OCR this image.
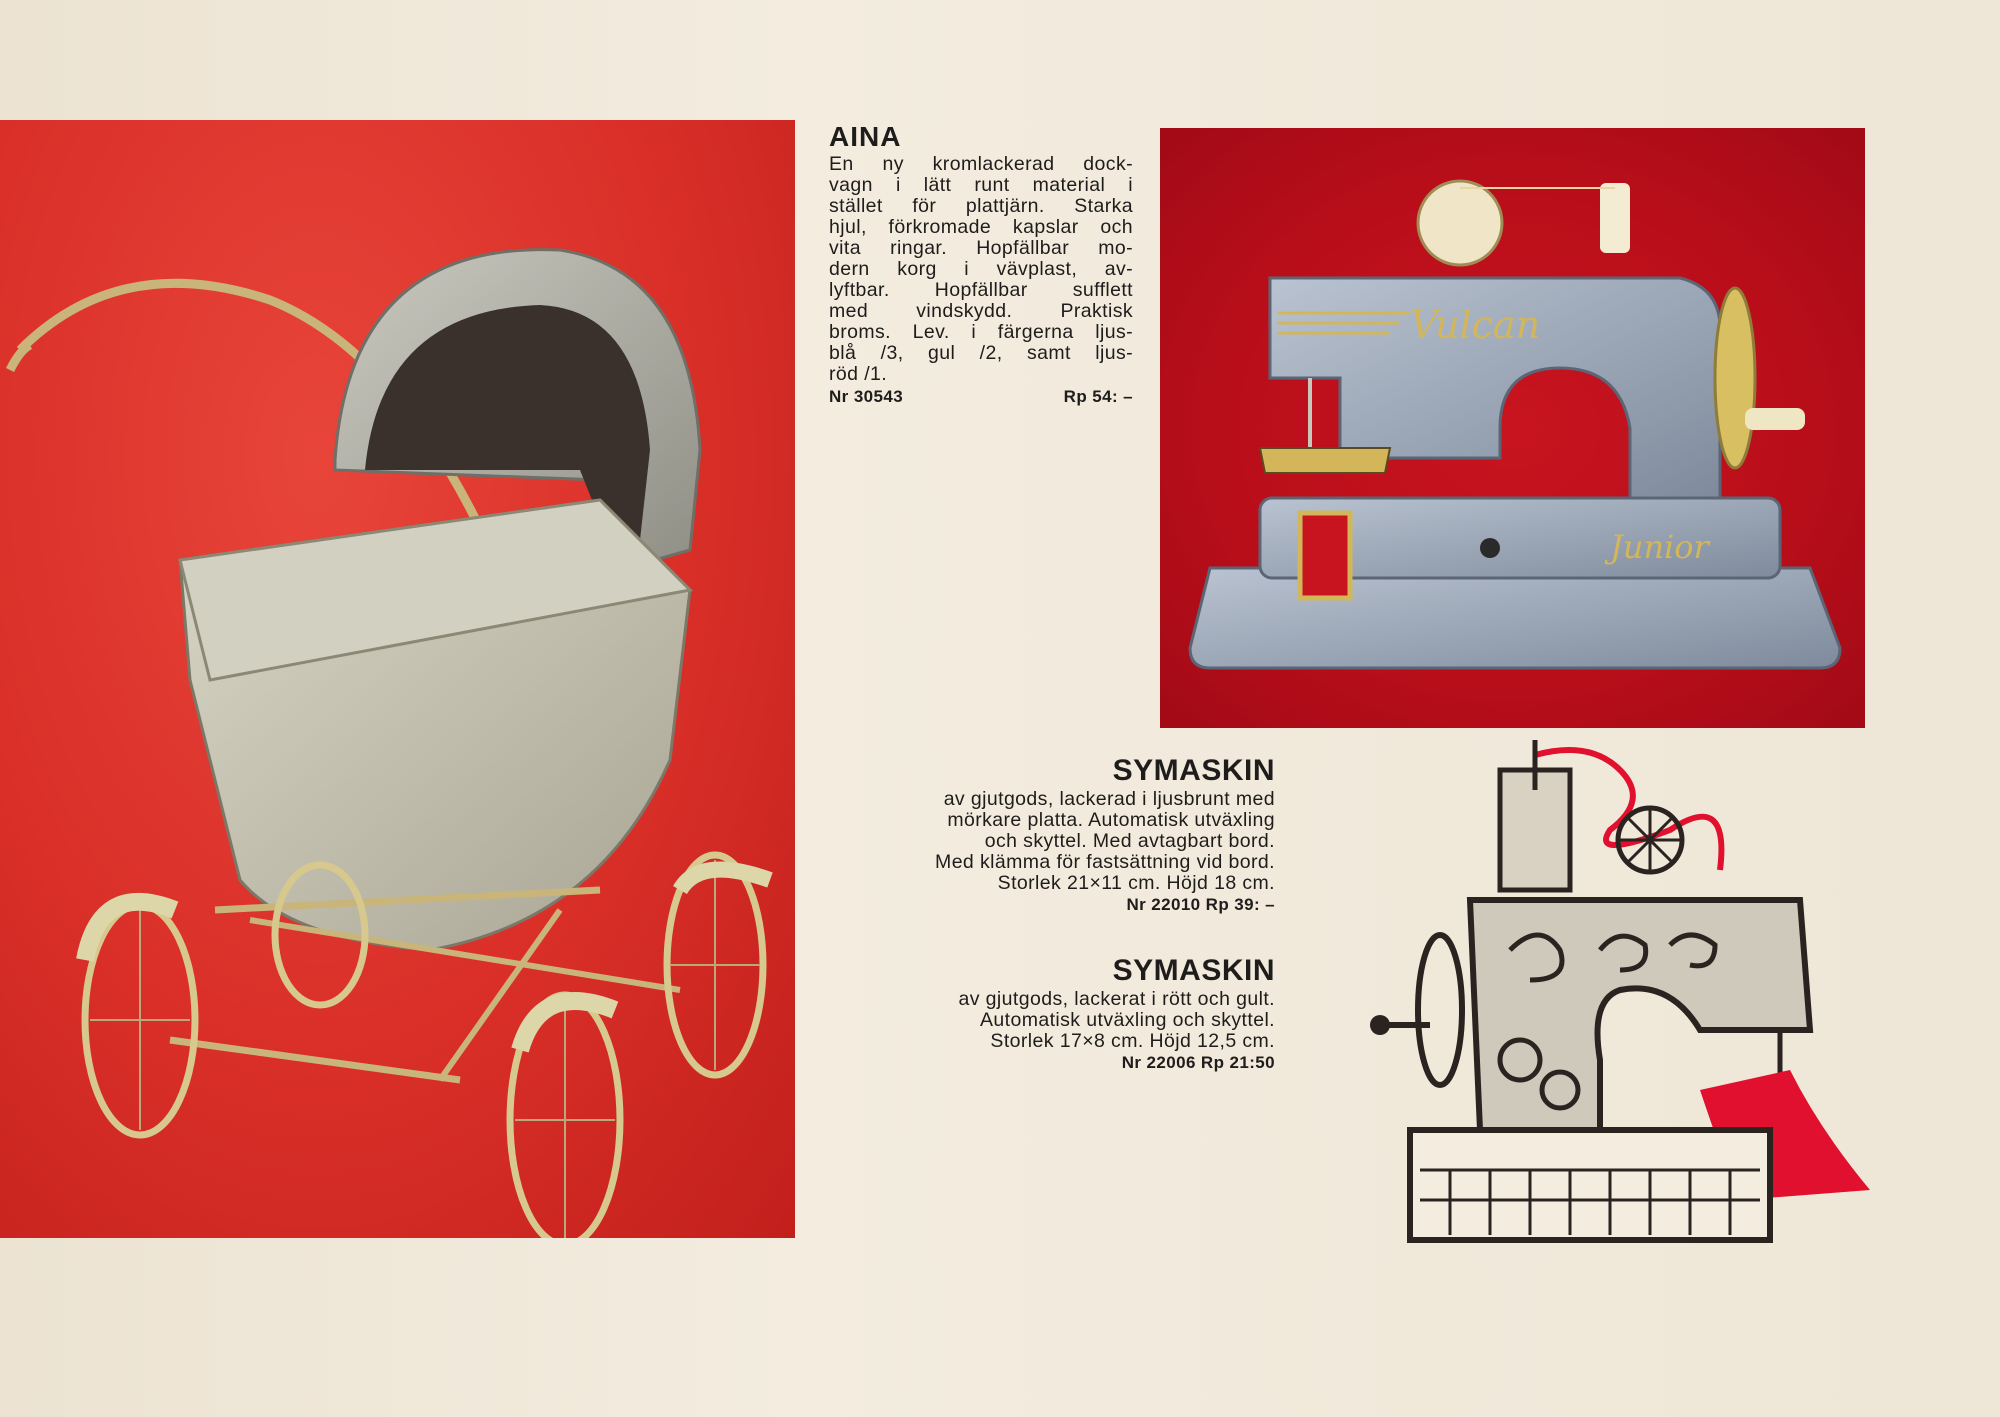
AINA
En ny kromlackerad dock-
vagn i lätt runt material i
stället för plattjärn. Starka
hjul, förkromade kapslar och
vita ringar. Hopfällbar mo-
dern korg i vävplast, av-
lyftbar. Hopfällbar sufflett
med vindskydd. Praktisk
broms. Lev. i färgerna ljus-
blå /3, gul /2, samt ljus-
röd /1.
Nr 30543	Rp 54: –
Vulcan
Junior
SYMASKIN
av gjutgods, lackerad i ljusbrunt med
mörkare platta. Automatisk utväxling
och skyttel. Med avtagbart bord.
Med klämma för fastsättning vid bord.
Storlek 21×11 cm. Höjd 18 cm.
Nr 22010 Rp 39: –
SYMASKIN
av gjutgods, lackerat i rött och gult.
Automatisk utväxling och skyttel.
Storlek 17×8 cm. Höjd 12,5 cm.
Nr 22006 Rp 21:50
